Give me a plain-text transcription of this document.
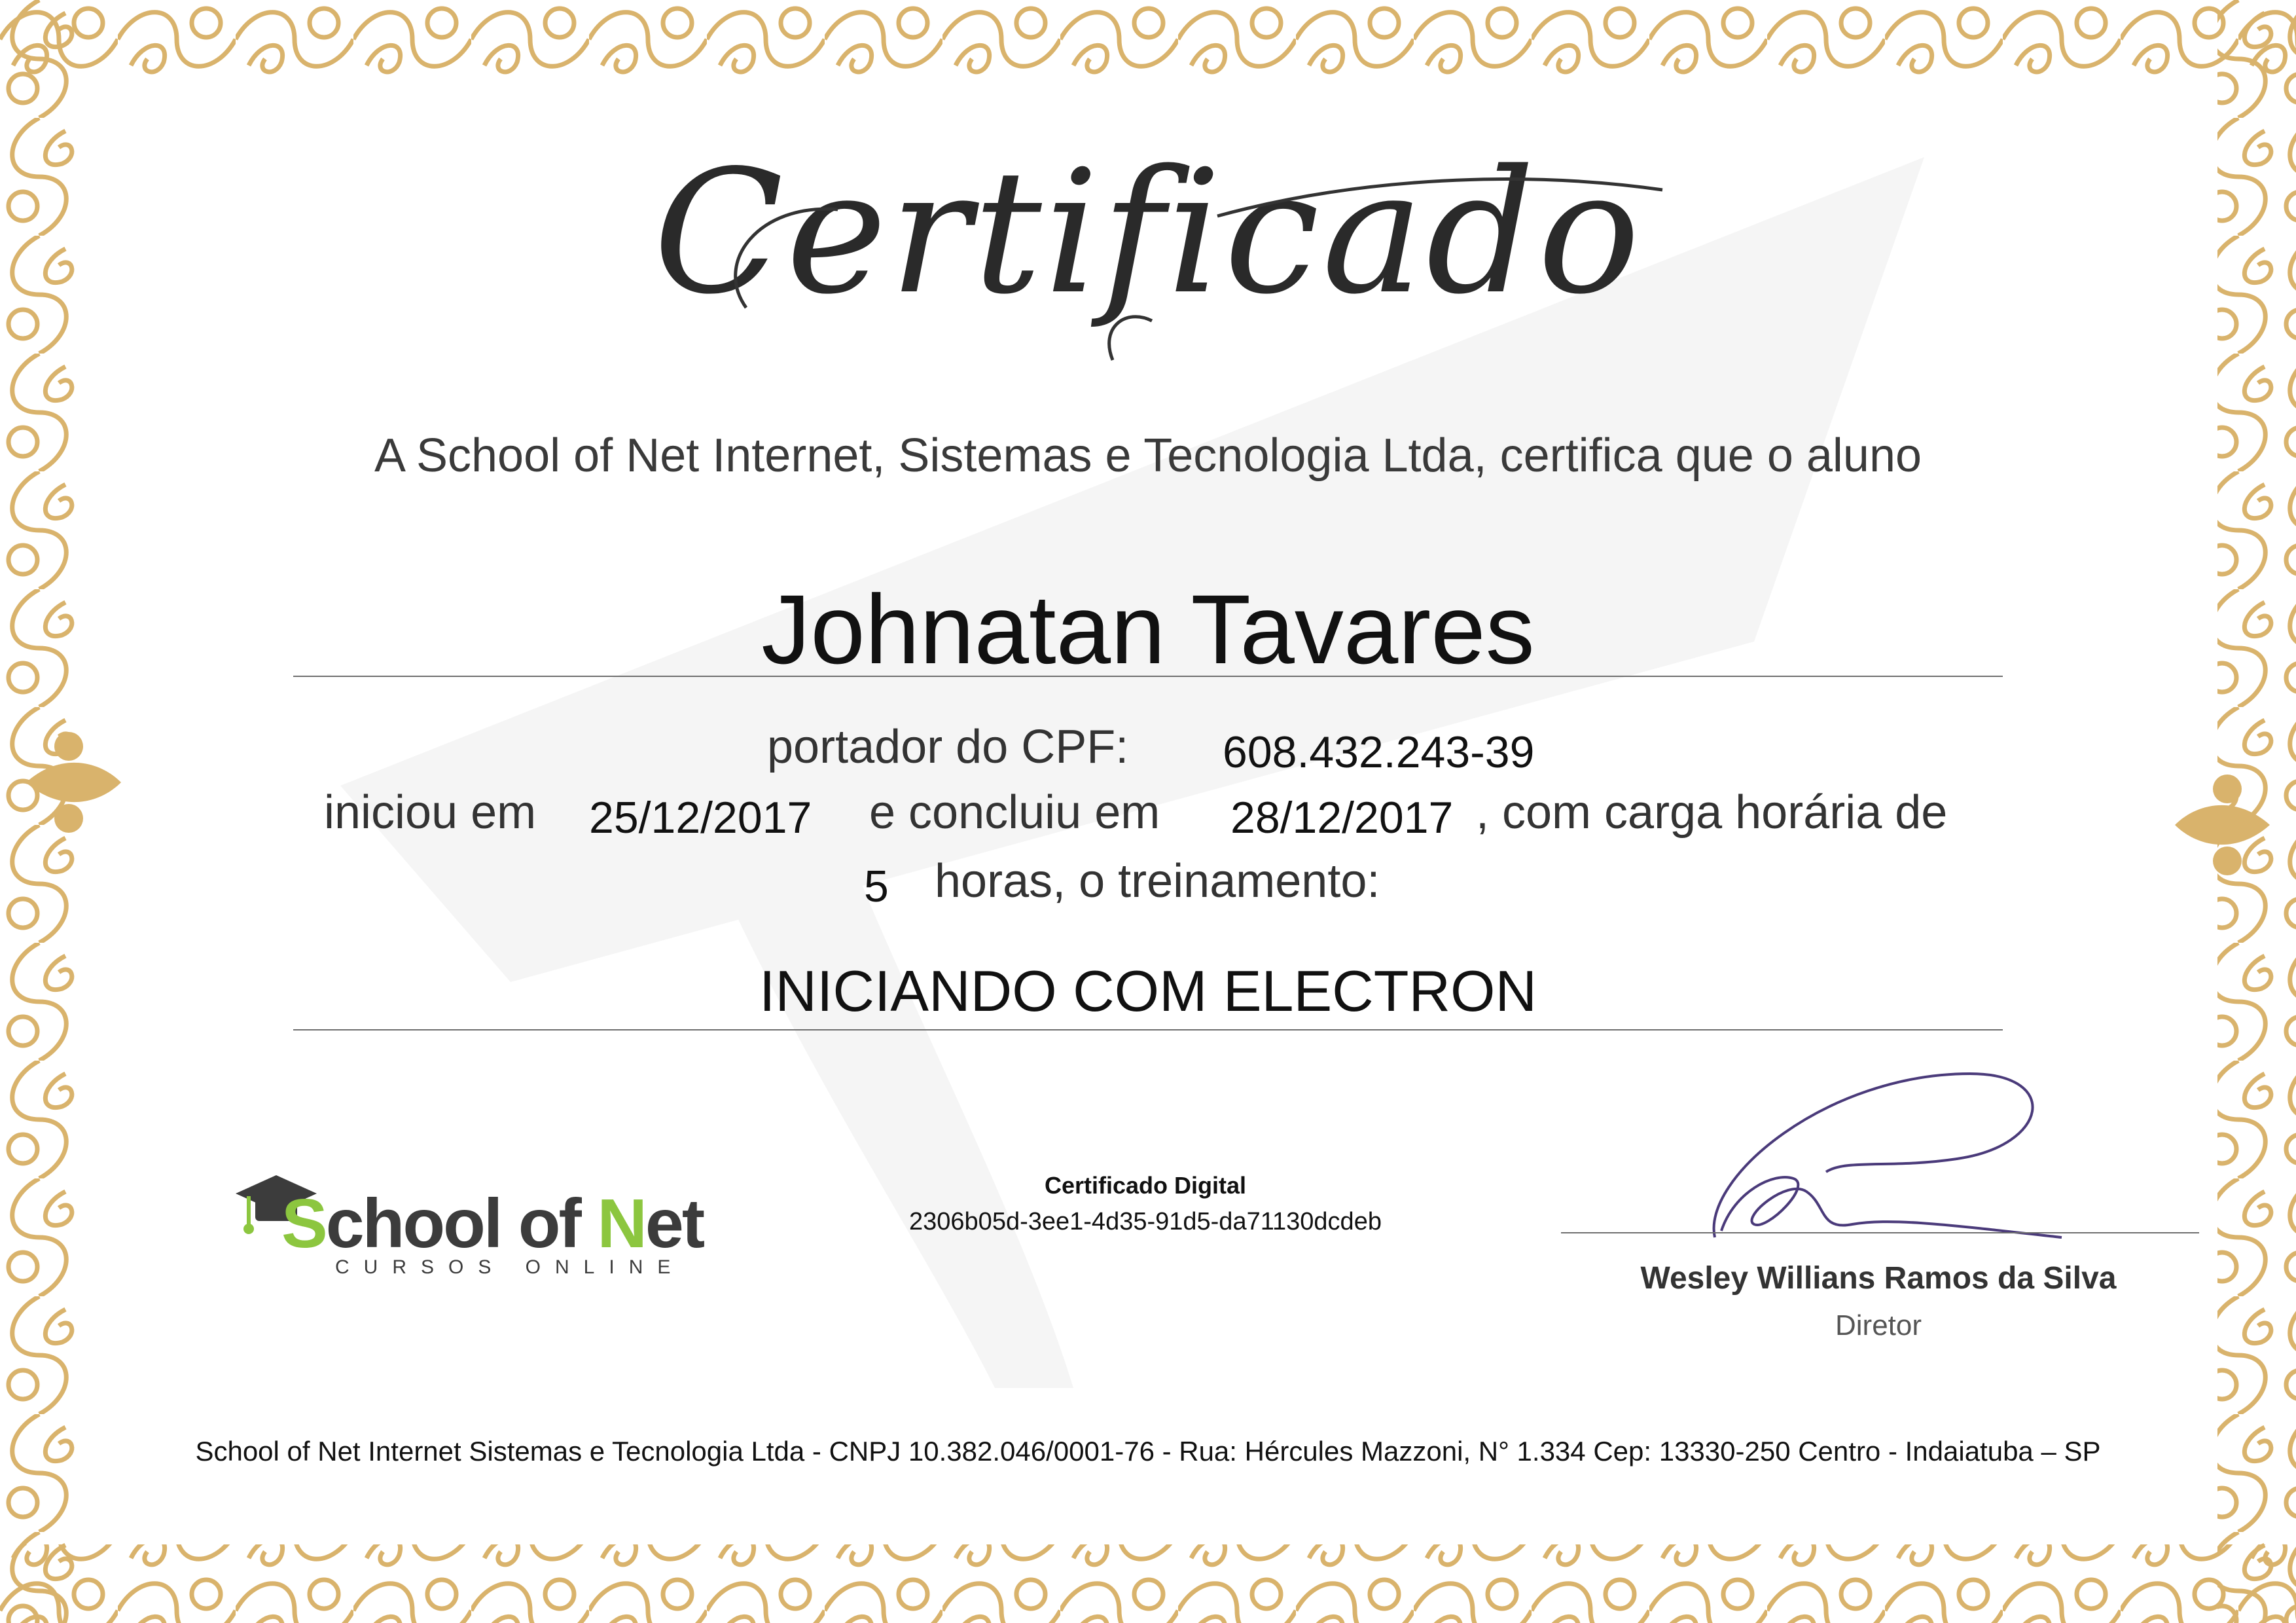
Certificado
A School of Net Internet, Sistemas e Tecnologia Ltda, certifica que o aluno
Johnatan Tavares
portador do CPF: 608.432.243-39
iniciou em 25/12/2017 e concluiu em 28/12/2017 , com carga horária de
5 horas, o treinamento:
INICIANDO COM ELECTRON
School of Net
CURSOS ONLINE
Certificado Digital
2306b05d-3ee1-4d35-91d5-da71130dcdeb
Wesley Willians Ramos da Silva
Diretor
School of Net Internet Sistemas e Tecnologia Ltda - CNPJ 10.382.046/0001-76 - Rua: Hércules Mazzoni, N° 1.334 Cep: 13330-250 Centro - Indaiatuba – SP
